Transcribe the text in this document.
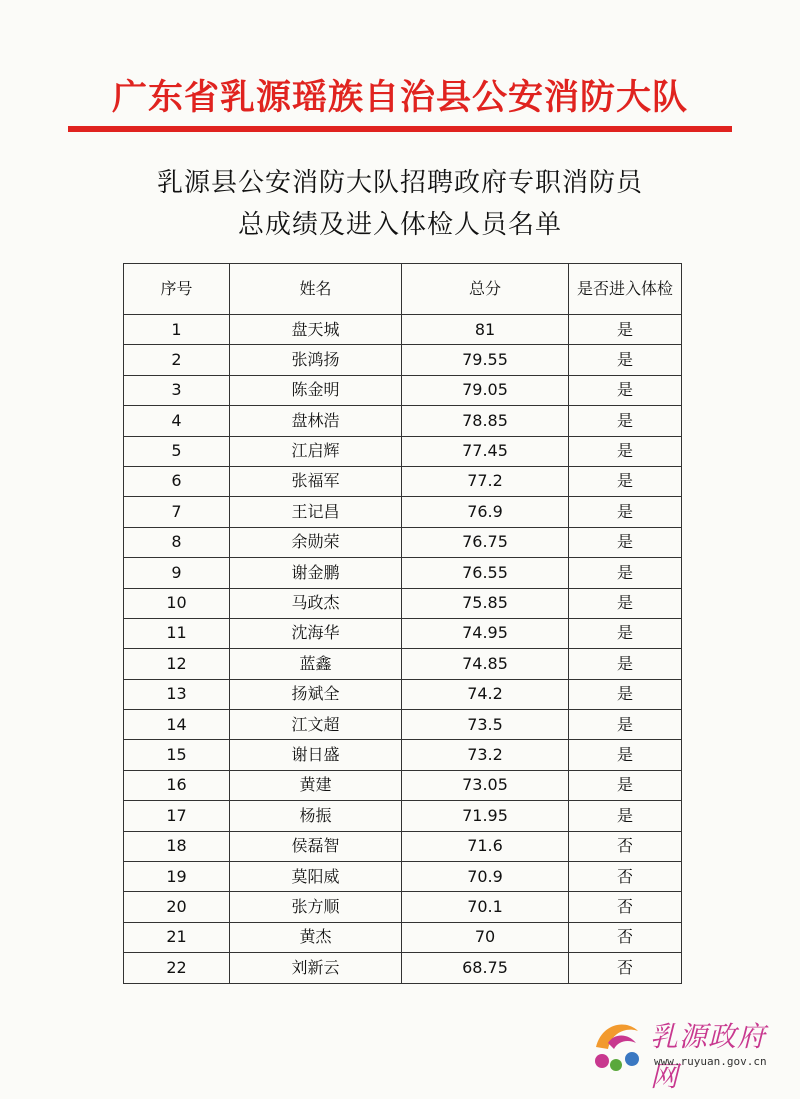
广东省乳源瑶族自治县公安消防大队
乳源县公安消防大队招聘政府专职消防员
总成绩及进入体检人员名单
序号	姓名	总分	是否进入体检
1	盘天城	81	是
2	张鸿扬	79.55	是
3	陈金明	79.05	是
4	盘林浩	78.85	是
5	江启辉	77.45	是
6	张福军	77.2	是
7	王记昌	76.9	是
8	余勋荣	76.75	是
9	谢金鹏	76.55	是
10	马政杰	75.85	是
11	沈海华	74.95	是
12	蓝鑫	74.85	是
13	扬斌全	74.2	是
14	江文超	73.5	是
15	谢日盛	73.2	是
16	黄建	73.05	是
17	杨振	71.95	是
18	侯磊智	71.6	否
19	莫阳威	70.9	否
20	张方顺	70.1	否
21	黄杰	70	否
22	刘新云	68.75	否
乳源政府网
www.ruyuan.gov.cn
